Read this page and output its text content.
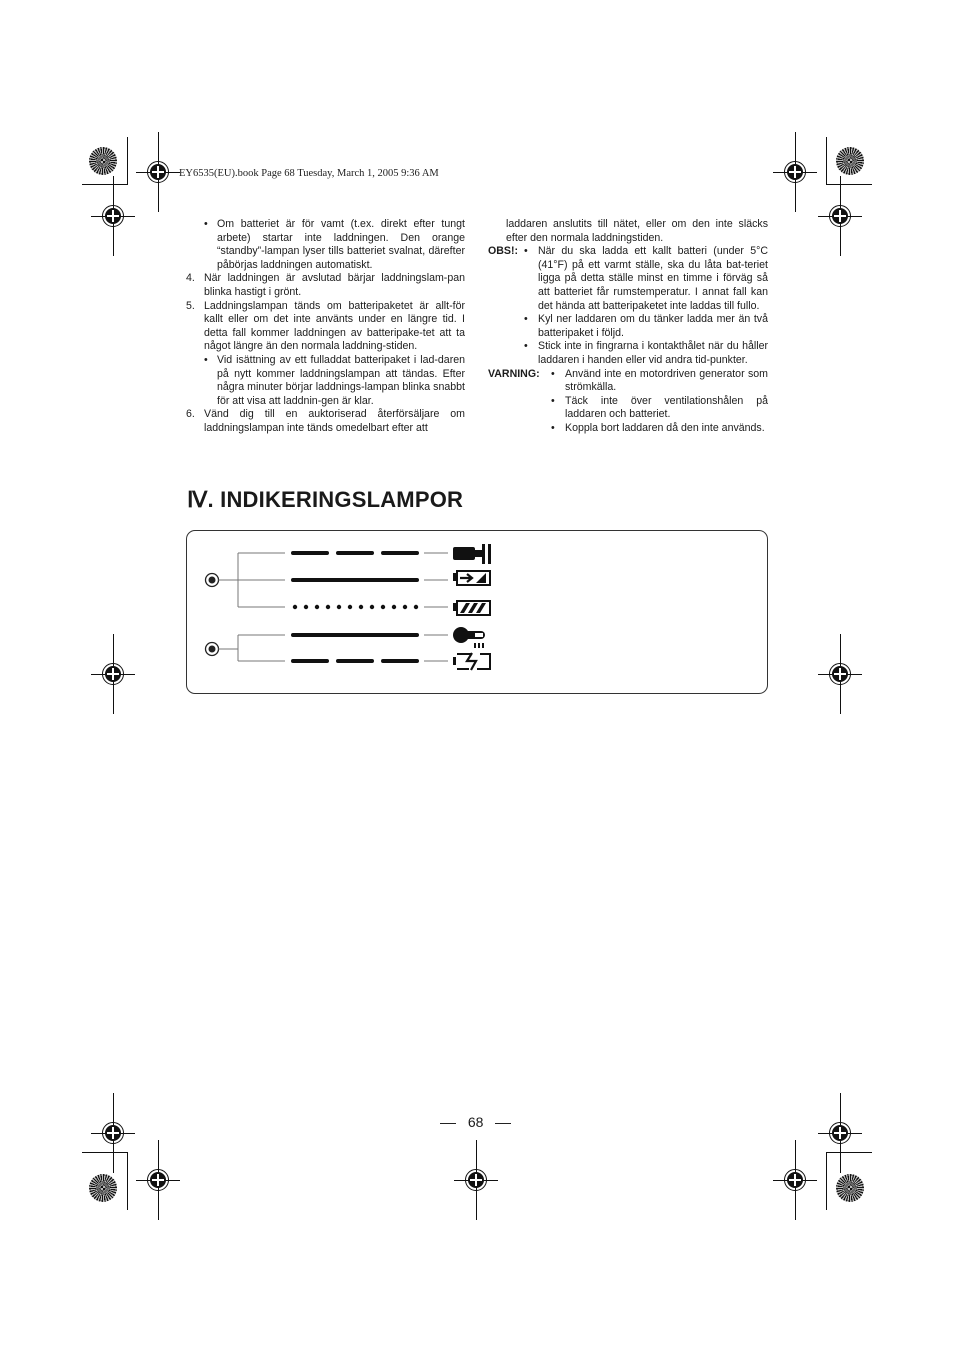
EY6535(EU).book Page 68 Tuesday, March 1, 2005 9:36 AM
• Om batteriet är för vamt (t.ex. direkt efter tungt arbete) startar inte laddningen. Den orange “standby”-lampan lyser tills batteriet svalnat, därefter påbörjas laddningen automatiskt.
4. När laddningen är avslutad bärjar laddningslam-pan blinka hastigt i grönt.
5. Laddningslampan tänds om batteripaketet är allt-för kallt eller om det inte använts under en längre tid. I detta fall kommer laddningen av batteripake-tet att ta något längre än den normala laddning-stiden.
• Vid isättning av ett fulladdat batteripaket i lad-daren på nytt kommer laddningslampan att tändas. Efter några minuter börjar laddnings-lampan blinka snabbt för att visa att laddnin-gen är klar.
6. Vänd dig till en auktoriserad återförsäljare om laddningslampan inte tänds omedelbart efter att

laddaren anslutits till nätet, eller om den inte släcks efter den normala laddningstiden.

OBS!: • När du ska ladda ett kallt batteri (under 5°C (41°F) på ett varmt ställe, ska du låta bat-teriet ligga på detta ställe minst en timme i förväg så att batteriet får rumstemperatur. I annat fall kan det hända att batteripaketet inte laddas till fullo.
• Kyl ner laddaren om du tänker ladda mer än två batteripaket i följd.
• Stick inte in fingrarna i kontakthålet när du håller laddaren i handen eller vid andra tid-punkter.
VARNING: • Använd inte en motordriven generator som strömkälla.
• Täck inte över ventilationshålen på laddaren och batteriet.
• Koppla bort laddaren då den inte används.
Ⅳ. INDIKERINGSLAMPOR
68
